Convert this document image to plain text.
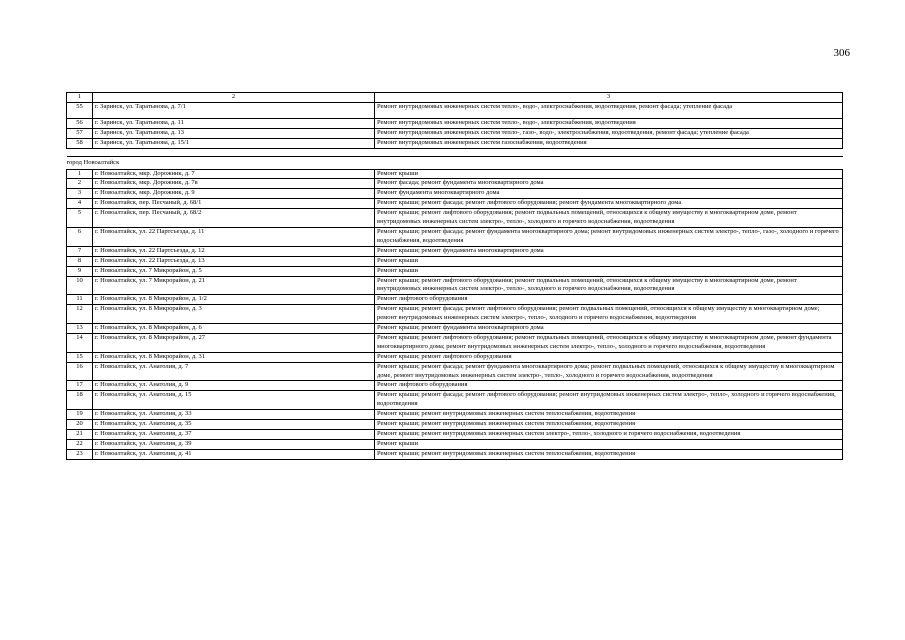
306
1	2	3
55	г. Заринск, ул. Таратынова, д. 7/1	Ремонт внутридомовых инженерных систем тепло-, водо-, электроснабжения, водоотведения, ремонт фасада; утепление фасада
56	г. Заринск, ул. Таратынова, д. 11	Ремонт внутридомовых инженерных систем тепло-, водо-, электроснабжения, водоотведения
57	г. Заринск, ул. Таратынова, д. 13	Ремонт внутридомовых инженерных систем тепло-, газо-, водо-, электроснабжения, водоотведения, ремонт фасада; утепление фасада
58	г. Заринск, ул. Таратынова, д. 15/1	Ремонт внутридомовых инженерных систем газоснабжения, водоотведения

город Новоалтайск		
1	г. Новоалтайск, мкр. Дорожник, д. 7	Ремонт крыши
2	г. Новоалтайск, мкр. Дорожник, д. 7в	Ремонт фасада; ремонт фундамента многоквартирного дома
3	г. Новоалтайск, мкр. Дорожник, д. 9	Ремонт фундамента многоквартирного дома
4	г. Новоалтайск, пер. Песчаный, д. 68/1	Ремонт крыши; ремонт фасада; ремонт лифтового оборудования; ремонт фундамента многоквартирного дома
5	г. Новоалтайск, пер. Песчаный, д. 68/2	Ремонт крыши; ремонт лифтового оборудования; ремонт подвальных помещений, относящихся к общему имуществу в многоквартирном доме, ремонт внутридомовых инженерных систем электро-, тепло-, холодного и горячего водоснабжения, водоотведения
6	г. Новоалтайск, ул. 22 Партсъезда, д. 11	Ремонт крыши; ремонт фасада; ремонт фундамента многоквартирного дома; ремонт внутридомовых инженерных систем электро-, тепло-, газо-, холодного и горячего водоснабжения, водоотведения
7	г. Новоалтайск, ул. 22 Партсъезда, д. 12	Ремонт крыши; ремонт фундамента многоквартирного дома
8	г. Новоалтайск, ул. 22 Партсъезда, д. 13	Ремонт крыши
9	г. Новоалтайск, ул. 7 Микрорайон, д. 5	Ремонт крыши
10	г. Новоалтайск, ул. 7 Микрорайон, д. 21	Ремонт крыши; ремонт лифтового оборудования; ремонт подвальных помещений, относящихся к общему имуществу в многоквартирном доме, ремонт внутридомовых инженерных систем электро-, тепло-, холодного и горячего водоснабжения, водоотведения
11	г. Новоалтайск, ул. 8 Микрорайон, д. 1/2	Ремонт лифтового оборудования
12	г. Новоалтайск, ул. 8 Микрорайон, д. 3	Ремонт крыши; ремонт фасада; ремонт лифтового оборудования; ремонт подвальных помещений, относящихся к общему имуществу в многоквартирном доме; ремонт внутридомовых инженерных систем электро-, тепло-, холодного и горячего водоснабжения, водоотведения
13	г. Новоалтайск, ул. 8 Микрорайон, д. 6	Ремонт крыши; ремонт фундамента многоквартирного дома
14	г. Новоалтайск, ул. 8 Микрорайон, д. 27	Ремонт крыши; ремонт лифтового оборудования; ремонт подвальных помещений, относящихся к общему имуществу в многоквартирном доме, ремонт фундамента многоквартирного дома; ремонт внутридомовых инженерных систем электро-, тепло-, холодного и горячего водоснабжения, водоотведения
15	г. Новоалтайск, ул. 8 Микрорайон, д. 31	Ремонт крыши; ремонт лифтового оборудования
16	г. Новоалтайск, ул. Анатолия, д. 7	Ремонт крыши; ремонт фасада; ремонт фундамента многоквартирного дома; ремонт подвальных помещений, относящихся к общему имуществу в многоквартирном доме, ремонт внутридомовых инженерных систем электро-, тепло-, холодного и горячего водоснабжения, водоотведения
17	г. Новоалтайск, ул. Анатолия, д. 9	Ремонт лифтового оборудования
18	г. Новоалтайск, ул. Анатолия, д. 15	Ремонт крыши; ремонт фасада; ремонт лифтового оборудования; ремонт внутридомовых инженерных систем электро-, тепло-, холодного и горячего водоснабжения, водоотведения
19	г. Новоалтайск, ул. Анатолия, д. 33	Ремонт крыши; ремонт внутридомовых инженерных систем теплоснабжения, водоотведения
20	г. Новоалтайск, ул. Анатолия, д. 35	Ремонт крыши; ремонт внутридомовых инженерных систем теплоснабжения, водоотведения
21	г. Новоалтайск, ул. Анатолия, д. 37	Ремонт крыши; ремонт внутридомовых инженерных систем электро-, тепло-, холодного и горячего водоснабжения, водоотведения
22	г. Новоалтайск, ул. Анатолия, д. 39	Ремонт крыши
23	г. Новоалтайск, ул. Анатолия, д. 41	Ремонт крыши; ремонт внутридомовых инженерных систем теплоснабжения, водоотведения
